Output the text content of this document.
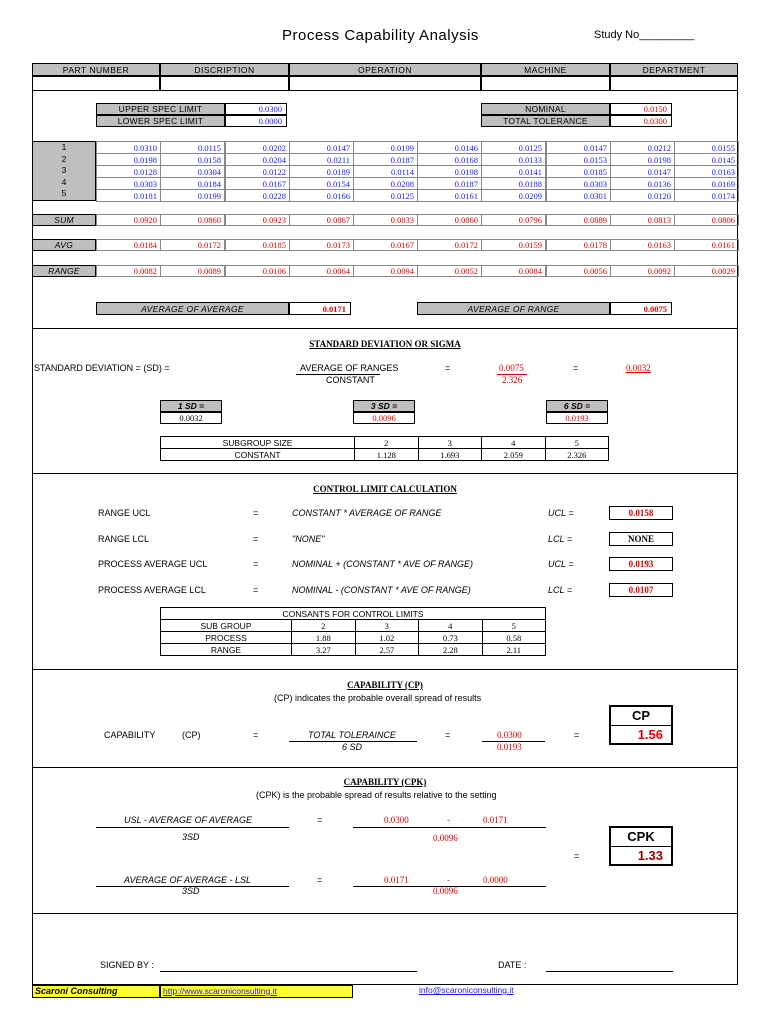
Process Capability Analysis	Study No_________
PART NUMBER	DISCRIPTION	OPERATION	MACHINE	DEPARTMENT
UPPER SPEC LIMIT	0.0300
LOWER SPEC LIMIT	0.0000
NOMINAL	0.0150
TOTAL TOLERANCE	0.0300
1
2
3
4
5
0.0310	0.0115	0.0202	0.0147	0.0199	0.0146	0.0125	0.0147	0.0212	0.0155
0.0198	0.0158	0.0204	0.0211	0.0187	0.0168	0.0133	0.0153	0.0198	0.0145
0.0128	0.0304	0.0122	0.0189	0.0114	0.0198	0.0141	0.0185	0.0147	0.0163
0.0303	0.0184	0.0167	0.0154	0.0208	0.0187	0.0188	0.0303	0.0136	0.0169
0.0181	0.0199	0.0228	0.0166	0.0125	0.0161	0.0209	0.0301	0.0120	0.0174
SUM	0.0920	0.0860	0.0923	0.0867	0.0833	0.0860	0.0796	0.0889	0.0813	0.0806
AVG	0.0184	0.0172	0.0185	0.0173	0.0167	0.0172	0.0159	0.0178	0.0163	0.0161
RANGE	0.0082	0.0089	0.0106	0.0064	0.0094	0.0052	0.0084	0.0056	0.0092	0.0029
AVERAGE OF AVERAGE	0.0171	AVERAGE OF RANGE	0.0075
STANDARD DEVIATION OR SIGMA
STANDARD DEVIATION = (SD) =	AVERAGE OF RANGES
CONSTANT
=	0.0075
2.326
=	0.0032
1 SD =
0.0032
3 SD =
0.0096
6 SD =
0.0193
SUBGROUP SIZE	2	3	4	5
CONSTANT	1.128	1.693	2.059	2.326
CONTROL LIMIT CALCULATION
RANGE UCL	=	CONSTANT * AVERAGE OF RANGE	UCL =	0.0158
RANGE LCL	=	"NONE"	LCL =	NONE
PROCESS AVERAGE UCL	=	NOMINAL + (CONSTANT * AVE OF RANGE)	UCL =	0.0193
PROCESS AVERAGE LCL	=	NOMINAL - (CONSTANT * AVE OF RANGE)	LCL =	0.0107
CONSANTS FOR CONTROL LIMITS				
SUB GROUP	2	3	4	5
PROCESS	1.88	1.02	0.73	0.58
RANGE	3.27	2.57	2.28	2.11
CAPABILITY (CP)
(CP) indicates the probable overall spread of results
CAPABILITY	(CP)	=	TOTAL TOLERAINCE
6 SD
=	0.0300
0.0193
=
CP
1.56
CAPABILITY (CPK)
(CPK) is the probable spread of results relative to the setting
USL - AVERAGE OF AVERAGE
3SD
=	0.0300	-	0.0171
0.0096
=
AVERAGE OF AVERAGE - LSL
3SD
=	0.0171	-	0.0000
0.0096
CPK
1.33
SIGNED BY :	DATE :
Scaroni Consulting	http://www.scaroniconsulting.it	info@scaroniconsulting.it
